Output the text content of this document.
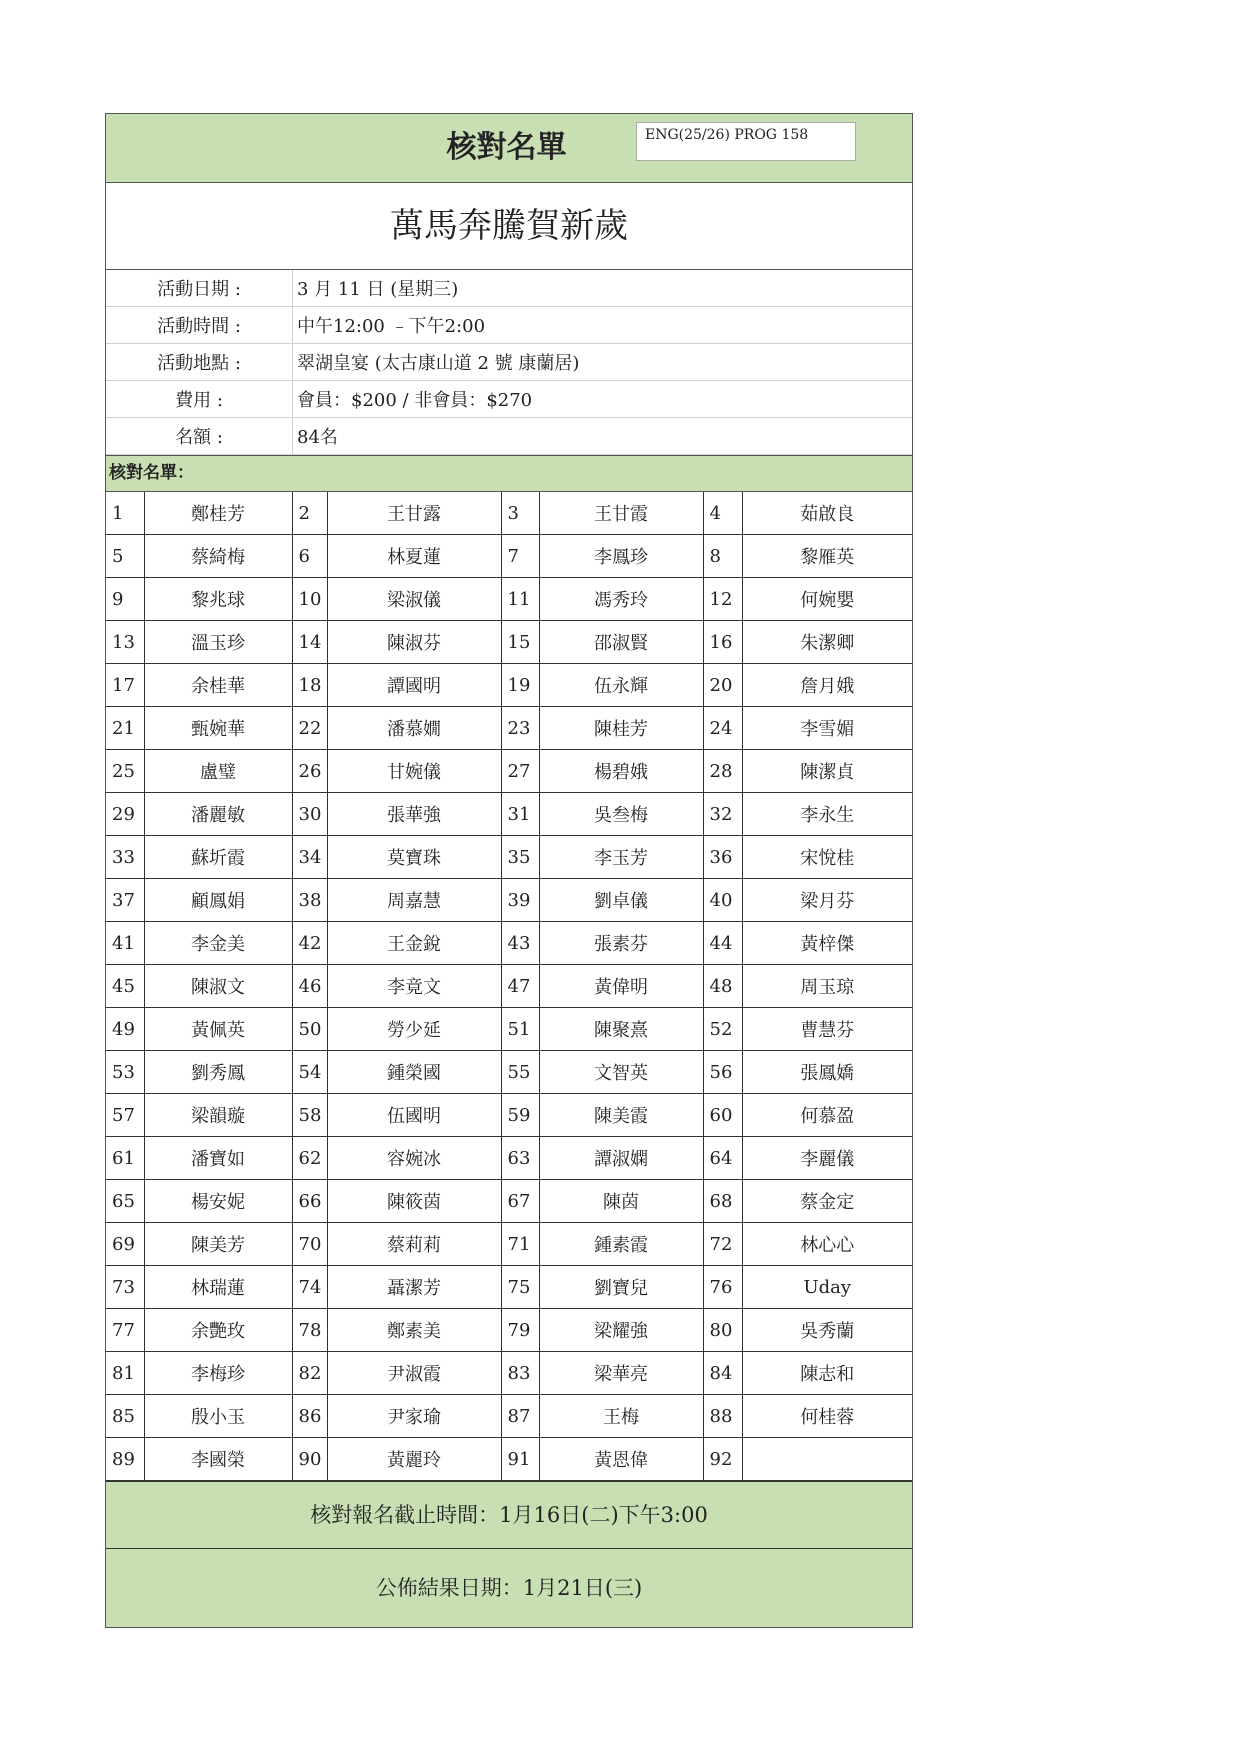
核對名單	ENG(25/26) PROG 158
萬馬奔騰賀新歲
活動日期 :	3 月 11 日 (星期三)
活動時間 :	中午12:00 ﹣下午2:00
活動地點 :	翠湖皇宴 (太古康山道 2 號 康蘭居)
費用 :	會員：$200 / 非會員：$270
名額 :	84名
核對名單：
1	鄭桂芳	2	王甘露	3	王甘霞	4	茹啟良
5	蔡綺梅	6	林夏蓮	7	李鳳珍	8	黎雁英
9	黎兆球	10	梁淑儀	11	馮秀玲	12	何婉嬰
13	溫玉珍	14	陳淑芬	15	邵淑賢	16	朱潔卿
17	余桂華	18	譚國明	19	伍永輝	20	詹月娥
21	甄婉華	22	潘慕嫺	23	陳桂芳	24	李雪媚
25	盧璧	26	甘婉儀	27	楊碧娥	28	陳潔貞
29	潘麗敏	30	張華強	31	吳叁梅	32	李永生
33	蘇圻霞	34	莫寶珠	35	李玉芳	36	宋悅桂
37	顧鳳娟	38	周嘉慧	39	劉卓儀	40	梁月芬
41	李金美	42	王金銳	43	張素芬	44	黃梓傑
45	陳淑文	46	李竟文	47	黃偉明	48	周玉琼
49	黃佩英	50	勞少延	51	陳聚熹	52	曹慧芬
53	劉秀鳳	54	鍾榮國	55	文智英	56	張鳳嬌
57	梁韻璇	58	伍國明	59	陳美霞	60	何慕盈
61	潘寶如	62	容婉冰	63	譚淑嫻	64	李麗儀
65	楊安妮	66	陳筱茵	67	陳茵	68	蔡金定
69	陳美芳	70	蔡莉莉	71	鍾素霞	72	林心心
73	林瑞蓮	74	聶潔芳	75	劉寶兒	76	Uday
77	余艷玫	78	鄭素美	79	梁耀強	80	吳秀蘭
81	李梅珍	82	尹淑霞	83	梁華亮	84	陳志和
85	殷小玉	86	尹家瑜	87	王梅	88	何桂蓉
89	李國榮	90	黃麗玲	91	黃恩偉	92	
核對報名截止時間：1月16日(二)下午3:00
公佈結果日期：1月21日(三)
